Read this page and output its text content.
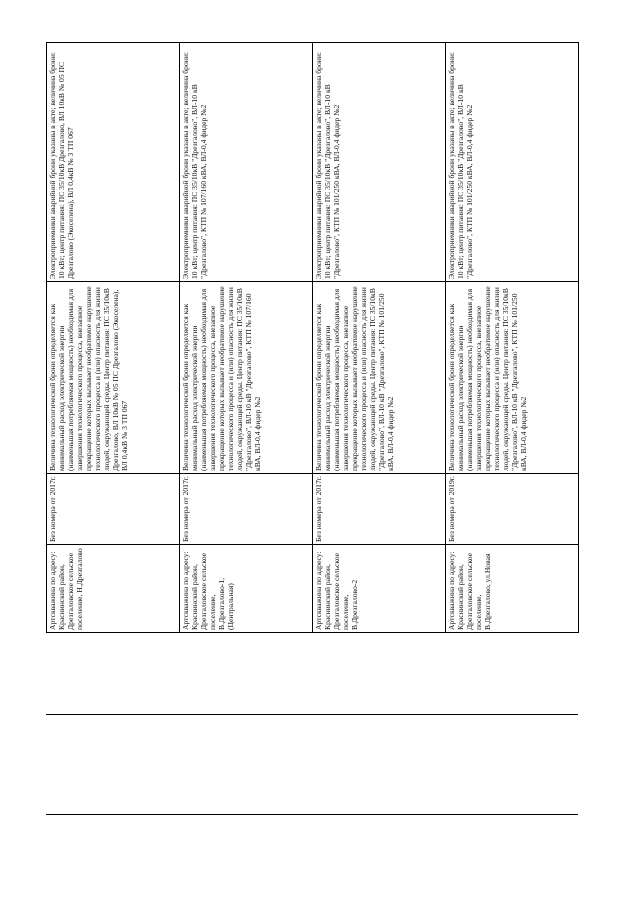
Артскважина по адресу: Краснинский район, Дрезгаловское сельское поселение, Н.Дрезгалово	Без номера от 2017г.	Величина технологической брони определяется как минимальный расход электрической энергии (наименьшая потребляемая мощность) необходимая для завершения технологического процесса, внезапное прекращение которых вызывает необратимое нарушение технологического процесса и (или) опасность для жизни людей, окружающей среды. Центр питания: ПС 35/10кВ Дрезгалово, ВЛ 10кВ № 05 ПС Дрезгалово (Экоселена), ВЛ 0,4кВ № 3 ТП 067	Электроприемники аварийной брони указаны в акте; величина брони: 10 кВт; центр питания: ПС 35/10кВ Дрезгалово, ВЛ 10кВ № 05 ПС Дрезгалово (Экоселена), ВЛ 0,4кВ № 3 ТП 067
Артскважина по адресу: Краснинский район, Дрезгаловское сельское поселение, В.Дрезгалово-1, (Центральная)	Без номера от 2017г.	Величина технологической брони определяется как минимальный расход электрической энергии (наименьшая потребляемая мощность) необходимая для завершения технологического процесса, внезапное прекращение которых вызывает необратимое нарушение технологического процесса и (или) опасность для жизни людей, окружающей среды. Центр питания: ПС 35/10кВ "Дрезгалово", ВЛ-10 кВ "Дрезгалово", КТП № 107/160 кВА, ВЛ-0,4 фидер №2	Электроприемники аварийной брони указаны в акте; величина брони: 10 кВт; центр питания: ПС 35/10кВ "Дрезгалово", ВЛ-10 кВ "Дрезгалово", КТП № 107/160 кВА, ВЛ-0,4 фидер №2
Артскважина по адресу: Краснинский район, Дрезгаловское сельское поселение, В.Дрезгалово-2	Без номера от 2017г.	Величина технологической брони определяется как минимальный расход электрической энергии (наименьшая потребляемая мощность) необходимая для завершения технологического процесса, внезапное прекращение которых вызывает необратимое нарушение технологического процесса и (или) опасность для жизни людей, окружающей среды. Центр питания: ПС 35/10кВ "Дрезгалово", ВЛ-10 кВ "Дрезгалово", КТП № 101/250 кВА, ВЛ-0,4 фидер №2	Электроприемники аварийной брони указаны в акте; величина брони: 10 кВт; центр питания: ПС 35/10кВ "Дрезгалово", ВЛ-10 кВ "Дрезгалово", КТП № 101/250 кВА, ВЛ-0,4 фидер №2
Артскважина по адресу: Краснинский район, Дрезгаловское сельское поселение, В.Дрезгалово, ул.Новая	Без номера от 2019г.	Величина технологической брони определяется как минимальный расход электрической энергии (наименьшая потребляемая мощность) необходимая для завершения технологического процесса, внезапное прекращение которых вызывает необратимое нарушение технологического процесса и (или) опасность для жизни людей, окружающей среды. Центр питания: ПС 35/10кВ "Дрезгалово", ВЛ-10 кВ "Дрезгалово", КТП № 101/250 кВА, ВЛ-0,4 фидер №2	Электроприемники аварийной брони указаны в акте; величина брони: 10 кВт; центр питания: ПС 35/10кВ "Дрезгалово", ВЛ-10 кВ "Дрезгалово", КТП № 101/250 кВА, ВЛ-0,4 фидер №2
